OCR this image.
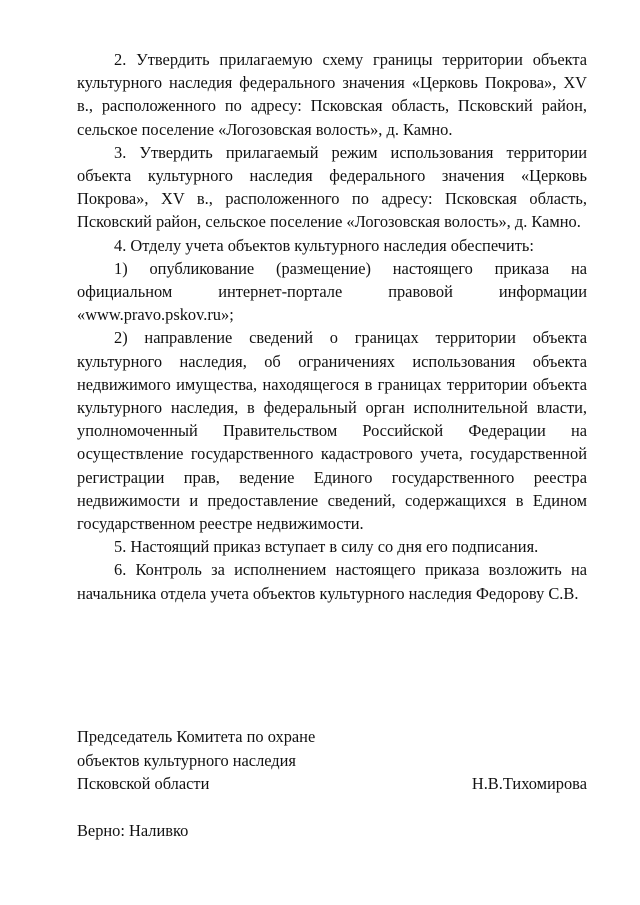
2. Утвердить прилагаемую схему границы территории объекта культурного наследия федерального значения «Церковь Покрова», XV в., расположенного по адресу: Псковская область, Псковский район, сельское поселение «Логозовская волость», д. Камно.

3. Утвердить прилагаемый режим использования территории объекта культурного наследия федерального значения «Церковь Покрова», XV в., расположенного по адресу: Псковская область, Псковский район, сельское поселение «Логозовская волость», д. Камно.

4. Отделу учета объектов культурного наследия обеспечить:

1) опубликование (размещение) настоящего приказа на официальном интернет-портале правовой информации «www.pravo.pskov.ru»;

2) направление сведений о границах территории объекта культурного наследия, об ограничениях использования объекта недвижимого имущества, находящегося в границах территории объекта культурного наследия, в федеральный орган исполнительной власти, уполномоченный Правительством Российской Федерации на осуществление государственного кадастрового учета, государственной регистрации прав, ведение Единого государственного реестра недвижимости и предоставление сведений, содержащихся в Едином государственном реестре недвижимости.

5. Настоящий приказ вступает в силу со дня его подписания.

6. Контроль за исполнением настоящего приказа возложить на начальника отдела учета объектов культурного наследия Федорову С.В.

Председатель Комитета по охране
объектов культурного наследия
Псковской области	Н.В.Тихомирова
Верно: Наливко
